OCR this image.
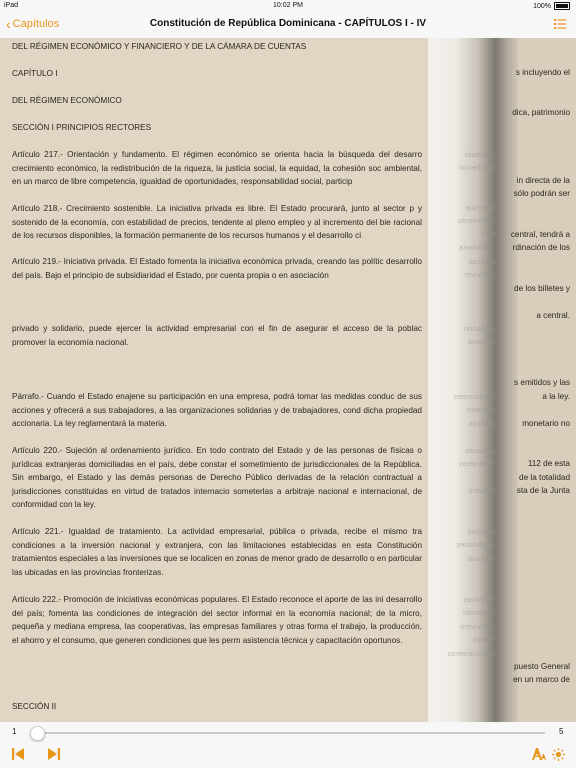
iPad	10:02 PM	100%
‹ Capítulos	Constitución de República Dominicana - CAPÍTULOS I - IV
DEL RÉGIMEN ECONÓMICO Y FINANCIERO Y DE LA CÁMARA DE CUENTAS
CAPÍTULO I
DEL RÉGIMEN ECONÓMICO
SECCIÓN I PRINCIPIOS RECTORES
Artículo 217.- Orientación y fundamento. El régimen económico se orienta hacia la búsqueda del desarro crecimiento económico, la redistribución de la riqueza, la justicia social, la equidad, la cohesión soc ambiental, en un marco de libre competencia, igualdad de oportunidades, responsabilidad social, particip
Artículo 218.- Crecimiento sostenible. La iniciativa privada es libre. El Estado procurará, junto al sector p y sostenido de la economía, con estabilidad de precios, tendente al pleno empleo y al incremento del bie racional de los recursos disponibles, la formación permanente de los recursos humanos y el desarrollo ci
Artículo 219.- Iniciativa privada. El Estado fomenta la iniciativa económica privada, creando las polític desarrollo del país. Bajo el principio de subsidiaridad el Estado, por cuenta propia o en asociación
privado y solidario, puede ejercer la actividad empresarial con el fin de asegurar el acceso de la poblac promover la economía nacional.
Párrafo.- Cuando el Estado enajene su participación en una empresa, podrá tomar las medidas conduc de sus acciones y ofrecerá a sus trabajadores, a las organizaciones solidarias y de trabajadores, cond dicha propiedad accionaria. La ley reglamentará la materia.
Artículo 220.- Sujeción al ordenamiento jurídico. En todo contrato del Estado y de las personas de físicas o jurídicas extranjeras domiciliadas en el país, debe constar el sometimiento de jurisdiccionales de la República. Sin embargo, el Estado y las demás personas de Derecho Público derivadas de la relación contractual a jurisdicciones constituidas en virtud de tratados internacio someterlas a arbitraje nacional e internacional, de conformidad con la ley.
Artículo 221.- Igualdad de tratamiento. La actividad empresarial, pública o privada, recibe el mismo tra condiciones a la inversión nacional y extranjera, con las limitaciones establecidas en esta Constitución tratamientos especiales a las inversiones que se localicen en zonas de menor grado de desarrollo o en particular las ubicadas en las provincias fronterizas.
Artículo 222.- Promoción de iniciativas económicas populares. El Estado reconoce el aporte de las ini desarrollo del país; fomenta las condiciones de integración del sector informal en la economía nacional; de la micro, pequeña y mediana empresa, las cooperativas, las empresas familiares y otras forma el trabajo, la producción, el ahorro y el consumo, que generen condiciones que les perm asistencia técnica y capacitación oportunos.
SECCIÓN II
orientado
la cohesión
bienestar
crecimiento
bien
ciudadanía
políticas
promover
población
nacional
conducentes
acciones
públicas
personas
extranjeras
tratados
igualdad
condiciones
nacional
iniciativas
desarrollo
promoverá
trabajo
financiamiento
s incluyendo el
dica, patrimonio
in directa de la
sólo podrán ser
central, tendrá a
rdinación de los
de los billetes y
a central.
s emitidos y las
a la ley.
monetario no
112 de esta
de la totalidad
sta de la Junta
puesto General
en un marco de
1	5
